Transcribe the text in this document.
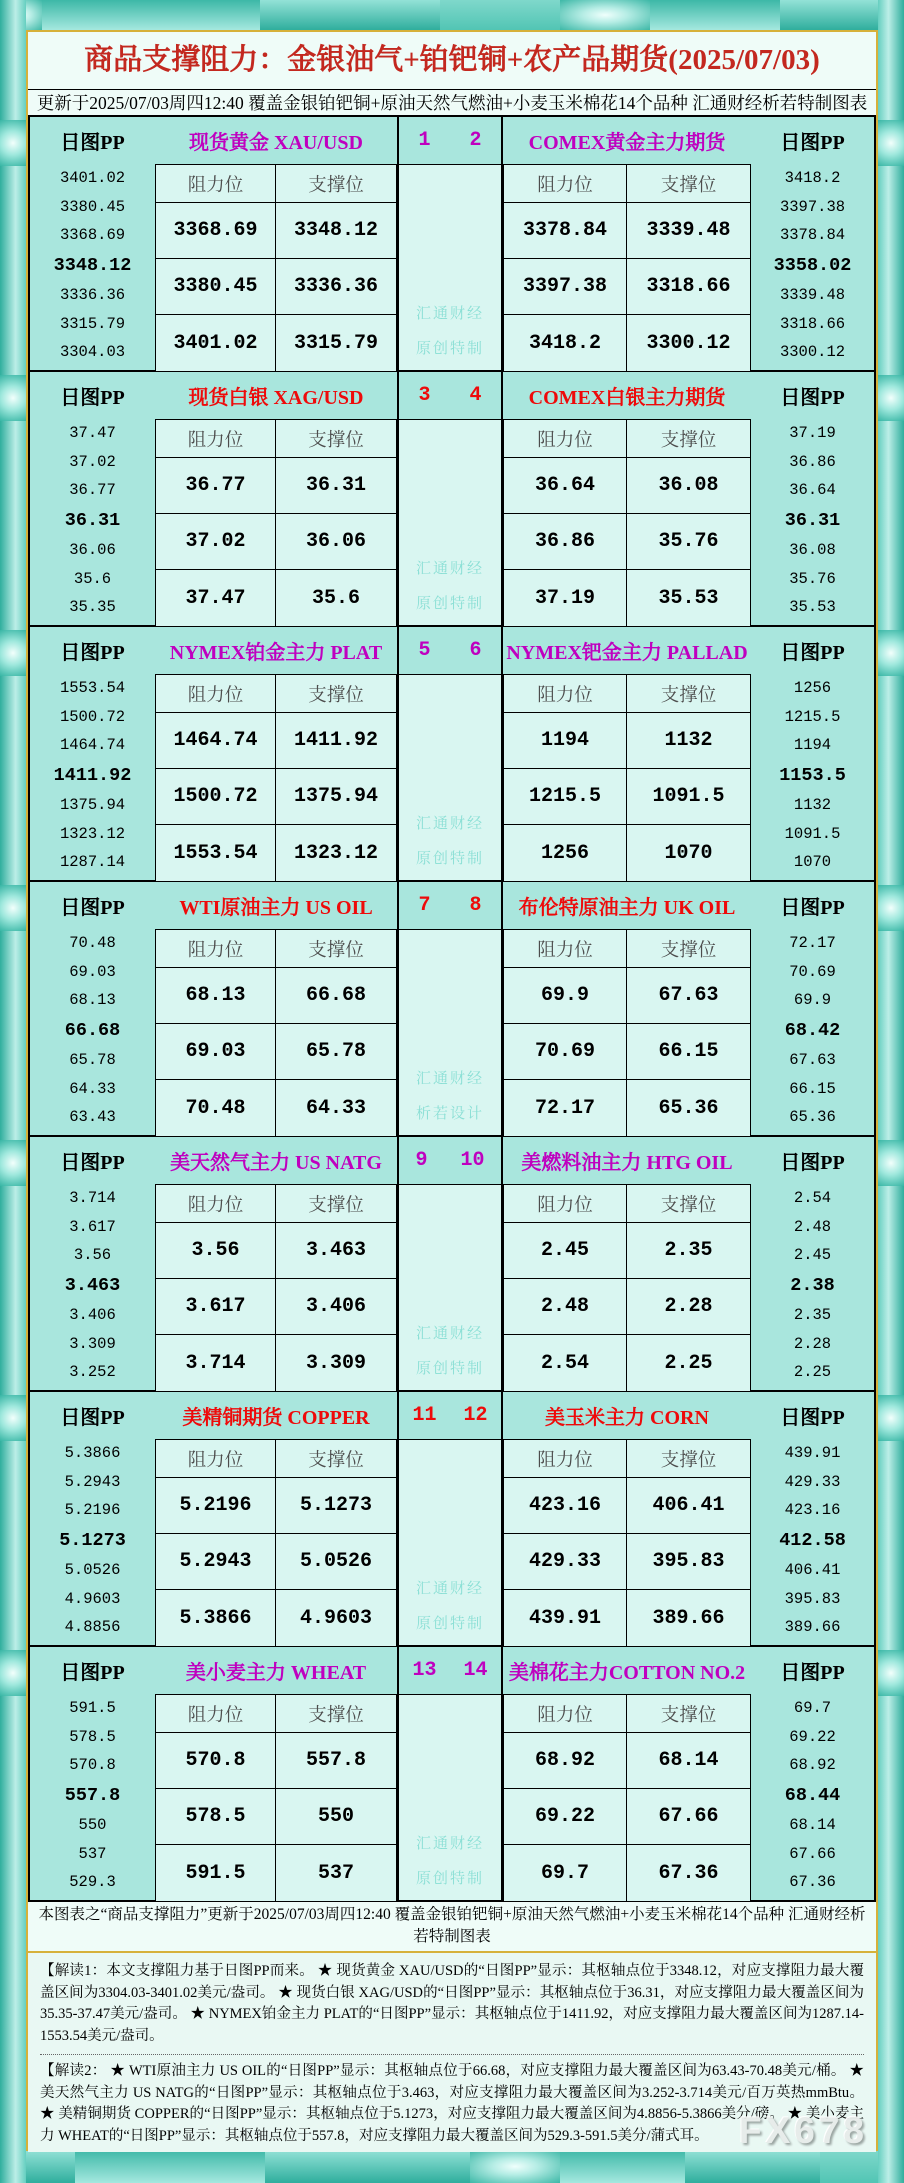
商品支撑阻力：金银油气+铂钯铜+农产品期货(2025/07/03)
更新于2025/07/03周四12:40 覆盖金银铂钯铜+原油天然气燃油+小麦玉米棉花14个品种 汇通财经析若特制图表
日图PP	现货黄金 XAU/USD	1 2	COMEX黄金主力期货	日图PP
3401.02
3380.45
3368.69
3348.12
3336.36
3315.79
3304.03
阻力位	支撑位
3368.69	3348.12
3380.45	3336.36
3401.02	3315.79
汇通财经
原创特制
阻力位	支撑位
3378.84	3339.48
3397.38	3318.66
3418.2	3300.12
3418.2
3397.38
3378.84
3358.02
3339.48
3318.66
3300.12
日图PP	现货白银 XAG/USD	3 4	COMEX白银主力期货	日图PP
37.47
37.02
36.77
36.31
36.06
35.6
35.35
阻力位	支撑位
36.77	36.31
37.02	36.06
37.47	35.6
汇通财经
原创特制
阻力位	支撑位
36.64	36.08
36.86	35.76
37.19	35.53
37.19
36.86
36.64
36.31
36.08
35.76
35.53
日图PP	NYMEX铂金主力 PLAT	5 6 NYMEX钯金主力 PALLAD	日图PP
1553.54
1500.72
1464.74
1411.92
1375.94
1323.12
1287.14
阻力位	支撑位
1464.74	1411.92
1500.72	1375.94
1553.54	1323.12
汇通财经
原创特制
阻力位	支撑位
1194	1132
1215.5	1091.5
1256	1070
1256
1215.5
1194
1153.5
1132
1091.5
1070
日图PP	WTI原油主力 US OIL	7 8	布伦特原油主力 UK OIL	日图PP
70.48
69.03
68.13
66.68
65.78
64.33
63.43
阻力位	支撑位
68.13	66.68
69.03	65.78
70.48	64.33
汇通财经
析若设计
阻力位	支撑位
69.9	67.63
70.69	66.15
72.17	65.36
72.17
70.69
69.9
68.42
67.63
66.15
65.36
日图PP	美天然气主力 US NATG	9 10	美燃料油主力 HTG OIL	日图PP
3.714
3.617
3.56
3.463
3.406
3.309
3.252
阻力位	支撑位
3.56	3.463
3.617	3.406
3.714	3.309
汇通财经
原创特制
阻力位	支撑位
2.45	2.35
2.48	2.28
2.54	2.25
2.54
2.48
2.45
2.38
2.35
2.28
2.25
日图PP	美精铜期货 COPPER	11 12	美玉米主力 CORN	日图PP
5.3866
5.2943
5.2196
5.1273
5.0526
4.9603
4.8856
阻力位	支撑位
5.2196	5.1273
5.2943	5.0526
5.3866	4.9603
汇通财经
原创特制
阻力位	支撑位
423.16	406.41
429.33	395.83
439.91	389.66
439.91
429.33
423.16
412.58
406.41
395.83
389.66
日图PP	美小麦主力 WHEAT	13 14 美棉花主力COTTON NO.2	日图PP
591.5
578.5
570.8
557.8
550
537
529.3
阻力位	支撑位
570.8	557.8
578.5	550
591.5	537
汇通财经
原创特制
阻力位	支撑位
68.92	68.14
69.22	67.66
69.7	67.36
69.7
69.22
68.92
68.44
68.14
67.66
67.36
本图表之“商品支撑阻力”更新于2025/07/03周四12:40 覆盖金银铂钯铜+原油天然气燃油+小麦玉米棉花14个品种 汇通财经析若特制图表

【解读1：本文支撑阻力基于日图PP而来。 ★ 现货黄金 XAU/USD的“日图PP”显示：其枢轴点位于3348.12，对应支撑阻力最大覆盖区间为3304.03-3401.02美元/盎司。 ★ 现货白银 XAG/USD的“日图PP”显示：其枢轴点位于36.31，对应支撑阻力最大覆盖区间为35.35-37.47美元/盎司。 ★ NYMEX铂金主力 PLAT的“日图PP”显示：其枢轴点位于1411.92，对应支撑阻力最大覆盖区间为1287.14-1553.54美元/盎司。

【解读2： ★ WTI原油主力 US OIL的“日图PP”显示：其枢轴点位于66.68，对应支撑阻力最大覆盖区间为63.43-70.48美元/桶。 ★ 美天然气主力 US NATG的“日图PP”显示：其枢轴点位于3.463，对应支撑阻力最大覆盖区间为3.252-3.714美元/百万英热mmBtu。 ★ 美精铜期货 COPPER的“日图PP”显示：其枢轴点位于5.1273，对应支撑阻力最大覆盖区间为4.8856-5.3866美分/磅。 ★ 美小麦主力 WHEAT的“日图PP”显示：其枢轴点位于557.8，对应支撑阻力最大覆盖区间为529.3-591.5美分/蒲式耳。 FX678
